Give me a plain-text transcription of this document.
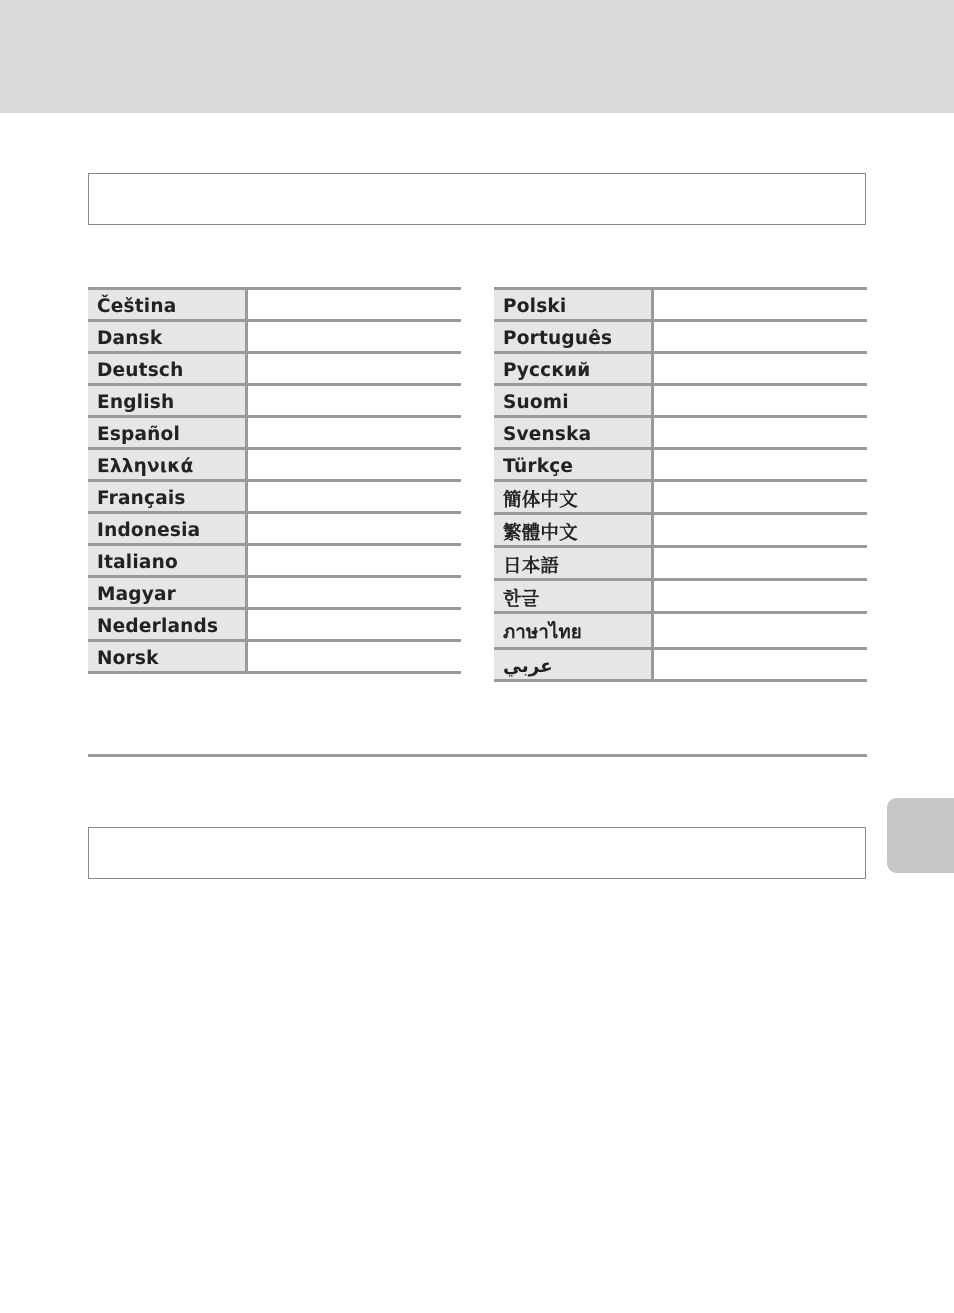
Čeština	
Dansk	
Deutsch	
English	
Español	
Ελληνικά	
Français	
Indonesia	
Italiano	
Magyar	
Nederlands	
Norsk	
Polski	
Português	
Русский	
Suomi	
Svenska	
Türkçe	
簡体中文	
繁體中文	
日本語	
한글	
ภาษาไทย	
عربي	
